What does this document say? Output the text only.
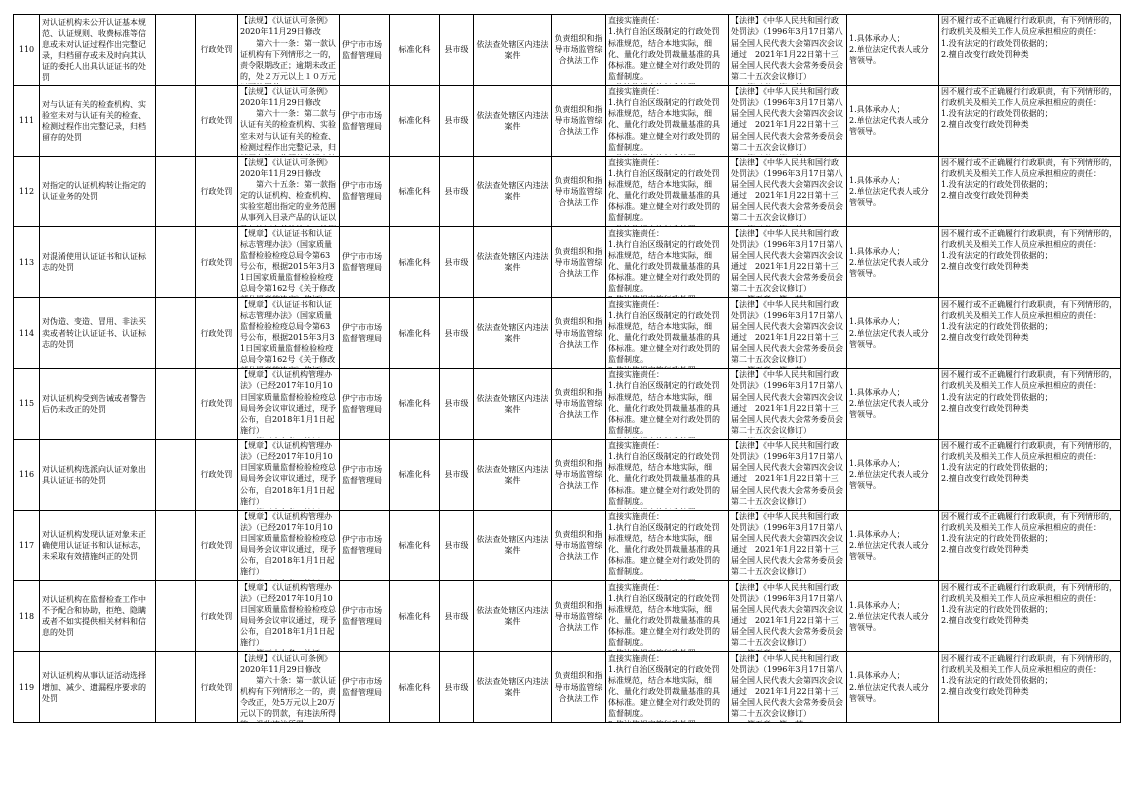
110	对认证机构未公开认证基本规范、认证规则、收费标准等信息或未对认证过程作出完整记录，归档留存或未及时向其认证的委托人出具认证证书的处罚		行政处罚	【法规】《认证认可条例》2020年11月29日修改
　　第六十一条：第一款认证机构有下列情形之一的，责令限期改正；逾期未改正的，处２万元以上１０万元	伊宁市市场监督管理局	标准化科	县市级	依法查处辖区内违法案件	负责组织和指导市场监管综合执法工作	直接实施责任：
1.执行自治区级制定的行政处罚标准规范，结合本地实际，细化、量化行政处罚裁量基准的具体标准。建立健全对行政处罚的监督制度。	【法律】《中华人民共和国行政处罚法》（1996年3月17日第八届全国人民代表大会第四次会议通过　2021年1月22日第十三届全国人民代表大会常务委员会第二十五次会议修订）
　　　	1.具体承办人；
2.单位法定代表人或分管领导。	因不履行或不正确履行行政职责，有下列情形的，行政机关及相关工作人员应承担相应的责任：
1.没有法定的行政处罚依据的；
2.擅自改变行政处罚种类

111	对与认证有关的检查机构、实验室未对与认证有关的检查、检测过程作出完整记录，归档留存的处罚		行政处罚	【法规】《认证认可条例》2020年11月29日修改
　　第六十一条：第二款与认证有关的检查机构、实验室未对与认证有关的检查、检测过程作出完整记录，归	伊宁市市场监督管理局	标准化科	县市级	依法查处辖区内违法案件	负责组织和指导市场监管综合执法工作	直接实施责任：
1.执行自治区级制定的行政处罚标准规范，结合本地实际，细化、量化行政处罚裁量基准的具体标准。建立健全对行政处罚的监督制度。	【法律】《中华人民共和国行政处罚法》（1996年3月17日第八届全国人民代表大会第四次会议通过　2021年1月22日第十三届全国人民代表大会常务委员会第二十五次会议修订）
　　　	1.具体承办人；
2.单位法定代表人或分管领导。	因不履行或不正确履行行政职责，有下列情形的，行政机关及相关工作人员应承担相应的责任：
1.没有法定的行政处罚依据的；
2.擅自改变行政处罚种类

112	对指定的认证机构转让指定的认证业务的处罚		行政处罚	【法规】《认证认可条例》2020年11月29日修改
　　第六十五条：第一款指定的认证机构、检查机构、实验室超出指定的业务范围从事列入目录产品的认证以	伊宁市市场监督管理局	标准化科	县市级	依法查处辖区内违法案件	负责组织和指导市场监管综合执法工作	直接实施责任：
1.执行自治区级制定的行政处罚标准规范，结合本地实际，细化、量化行政处罚裁量基准的具体标准。建立健全对行政处罚的监督制度。	【法律】《中华人民共和国行政处罚法》（1996年3月17日第八届全国人民代表大会第四次会议通过　2021年1月22日第十三届全国人民代表大会常务委员会第二十五次会议修订）
　　　	1.具体承办人；
2.单位法定代表人或分管领导。	因不履行或不正确履行行政职责，有下列情形的，行政机关及相关工作人员应承担相应的责任：
1.没有法定的行政处罚依据的；
2.擅自改变行政处罚种类

113	对混淆使用认证证书和认证标志的处罚		行政处罚	【规章】《认证证书和认证标志管理办法》（国家质量监督检验检疫总局令第63号公布，根据2015年3月31日国家质量监督检验检疫总局令第162号《关于修改	伊宁市市场监督管理局	标准化科	县市级	依法查处辖区内违法案件	负责组织和指导市场监管综合执法工作	直接实施责任：
1.执行自治区级制定的行政处罚标准规范，结合本地实际，细化、量化行政处罚裁量基准的具体标准。建立健全对行政处罚的监督制度。	【法律】《中华人民共和国行政处罚法》（1996年3月17日第八届全国人民代表大会第四次会议通过　2021年1月22日第十三届全国人民代表大会常务委员会第二十五次会议修订）
　　　	1.具体承办人；
2.单位法定代表人或分管领导。	因不履行或不正确履行行政职责，有下列情形的，行政机关及相关工作人员应承担相应的责任：
1.没有法定的行政处罚依据的；
2.擅自改变行政处罚种类

114	对伪造、变造、冒用、非法买卖或者转让认证证书、认证标志的处罚		行政处罚	【规章】《认证证书和认证标志管理办法》（国家质量监督检验检疫总局令第63号公布，根据2015年3月31日国家质量监督检验检疫总局令第162号《关于修改	伊宁市市场监督管理局	标准化科	县市级	依法查处辖区内违法案件	负责组织和指导市场监管综合执法工作	直接实施责任：
1.执行自治区级制定的行政处罚标准规范，结合本地实际，细化、量化行政处罚裁量基准的具体标准。建立健全对行政处罚的监督制度。	【法律】《中华人民共和国行政处罚法》（1996年3月17日第八届全国人民代表大会第四次会议通过　2021年1月22日第十三届全国人民代表大会常务委员会第二十五次会议修订）
　　　	1.具体承办人；
2.单位法定代表人或分管领导。	因不履行或不正确履行行政职责，有下列情形的，行政机关及相关工作人员应承担相应的责任：
1.没有法定的行政处罚依据的；
2.擅自改变行政处罚种类

115	对认证机构受到告诫或者警告后仍未改正的处罚		行政处罚	【规章】《认证机构管理办法》（已经2017年10月10日国家质量监督检验检疫总局局务会议审议通过，现予公布，自2018年1月1日起施行）
　　　	伊宁市市场监督管理局	标准化科	县市级	依法查处辖区内违法案件	负责组织和指导市场监管综合执法工作	直接实施责任：
1.执行自治区级制定的行政处罚标准规范，结合本地实际，细化、量化行政处罚裁量基准的具体标准。建立健全对行政处罚的监督制度。	【法律】《中华人民共和国行政处罚法》（1996年3月17日第八届全国人民代表大会第四次会议通过　2021年1月22日第十三届全国人民代表大会常务委员会第二十五次会议修订）
　　　	1.具体承办人；
2.单位法定代表人或分管领导。	因不履行或不正确履行行政职责，有下列情形的，行政机关及相关工作人员应承担相应的责任：
1.没有法定的行政处罚依据的；
2.擅自改变行政处罚种类

116	对认证机构选派向认证对象出具认证证书的处罚		行政处罚	【规章】《认证机构管理办法》（已经2017年10月10日国家质量监督检验检疫总局局务会议审议通过，现予公布，自2018年1月1日起施行）
　　　	伊宁市市场监督管理局	标准化科	县市级	依法查处辖区内违法案件	负责组织和指导市场监管综合执法工作	直接实施责任：
1.执行自治区级制定的行政处罚标准规范，结合本地实际，细化、量化行政处罚裁量基准的具体标准。建立健全对行政处罚的监督制度。	【法律】《中华人民共和国行政处罚法》（1996年3月17日第八届全国人民代表大会第四次会议通过　2021年1月22日第十三届全国人民代表大会常务委员会第二十五次会议修订）
　　　	1.具体承办人；
2.单位法定代表人或分管领导。	因不履行或不正确履行行政职责，有下列情形的，行政机关及相关工作人员应承担相应的责任：
1.没有法定的行政处罚依据的；
2.擅自改变行政处罚种类

117	对认证机构发现认证对象未正确使用认证证书和认证标志，未采取有效措施纠正的处罚		行政处罚	【规章】《认证机构管理办法》（已经2017年10月10日国家质量监督检验检疫总局局务会议审议通过，现予公布，自2018年1月1日起施行）
　　　	伊宁市市场监督管理局	标准化科	县市级	依法查处辖区内违法案件	负责组织和指导市场监管综合执法工作	直接实施责任：
1.执行自治区级制定的行政处罚标准规范，结合本地实际，细化、量化行政处罚裁量基准的具体标准。建立健全对行政处罚的监督制度。	【法律】《中华人民共和国行政处罚法》（1996年3月17日第八届全国人民代表大会第四次会议通过　2021年1月22日第十三届全国人民代表大会常务委员会第二十五次会议修订）
　　　	1.具体承办人；
2.单位法定代表人或分管领导。	因不履行或不正确履行行政职责，有下列情形的，行政机关及相关工作人员应承担相应的责任：
1.没有法定的行政处罚依据的；
2.擅自改变行政处罚种类

118	对认证机构在监督检查工作中不予配合和协助，拒绝、隐瞒或者不如实提供相关材料和信息的处罚		行政处罚	【规章】《认证机构管理办法》（已经2017年10月10日国家质量监督检验检疫总局局务会议审议通过，现予公布，自2018年1月1日起施行）
　　　	伊宁市市场监督管理局	标准化科	县市级	依法查处辖区内违法案件	负责组织和指导市场监管综合执法工作	直接实施责任：
1.执行自治区级制定的行政处罚标准规范，结合本地实际，细化、量化行政处罚裁量基准的具体标准。建立健全对行政处罚的监督制度。	【法律】《中华人民共和国行政处罚法》（1996年3月17日第八届全国人民代表大会第四次会议通过　2021年1月22日第十三届全国人民代表大会常务委员会第二十五次会议修订）
　　　	1.具体承办人；
2.单位法定代表人或分管领导。	因不履行或不正确履行行政职责，有下列情形的，行政机关及相关工作人员应承担相应的责任：
1.没有法定的行政处罚依据的；
2.擅自改变行政处罚种类

119	对认证机构从事认证活动选择增加、减少、遗漏程序要求的处罚		行政处罚	【法规】《认证认可条例》2020年11月29日修改
　　第六十条：第一款认证机构有下列情形之一的，责令改正，处5万元以上20万元以下的罚款，有违法所得	伊宁市市场监督管理局	标准化科	县市级	依法查处辖区内违法案件	负责组织和指导市场监管综合执法工作	直接实施责任：
1.执行自治区级制定的行政处罚标准规范，结合本地实际，细化、量化行政处罚裁量基准的具体标准。建立健全对行政处罚的监督制度。	【法律】《中华人民共和国行政处罚法》（1996年3月17日第八届全国人民代表大会第四次会议通过　2021年1月22日第十三届全国人民代表大会常务委员会第二十五次会议修订）
　　　	1.具体承办人；
2.单位法定代表人或分管领导。	因不履行或不正确履行行政职责，有下列情形的，行政机关及相关工作人员应承担相应的责任：
1.没有法定的行政处罚依据的；
2.擅自改变行政处罚种类
